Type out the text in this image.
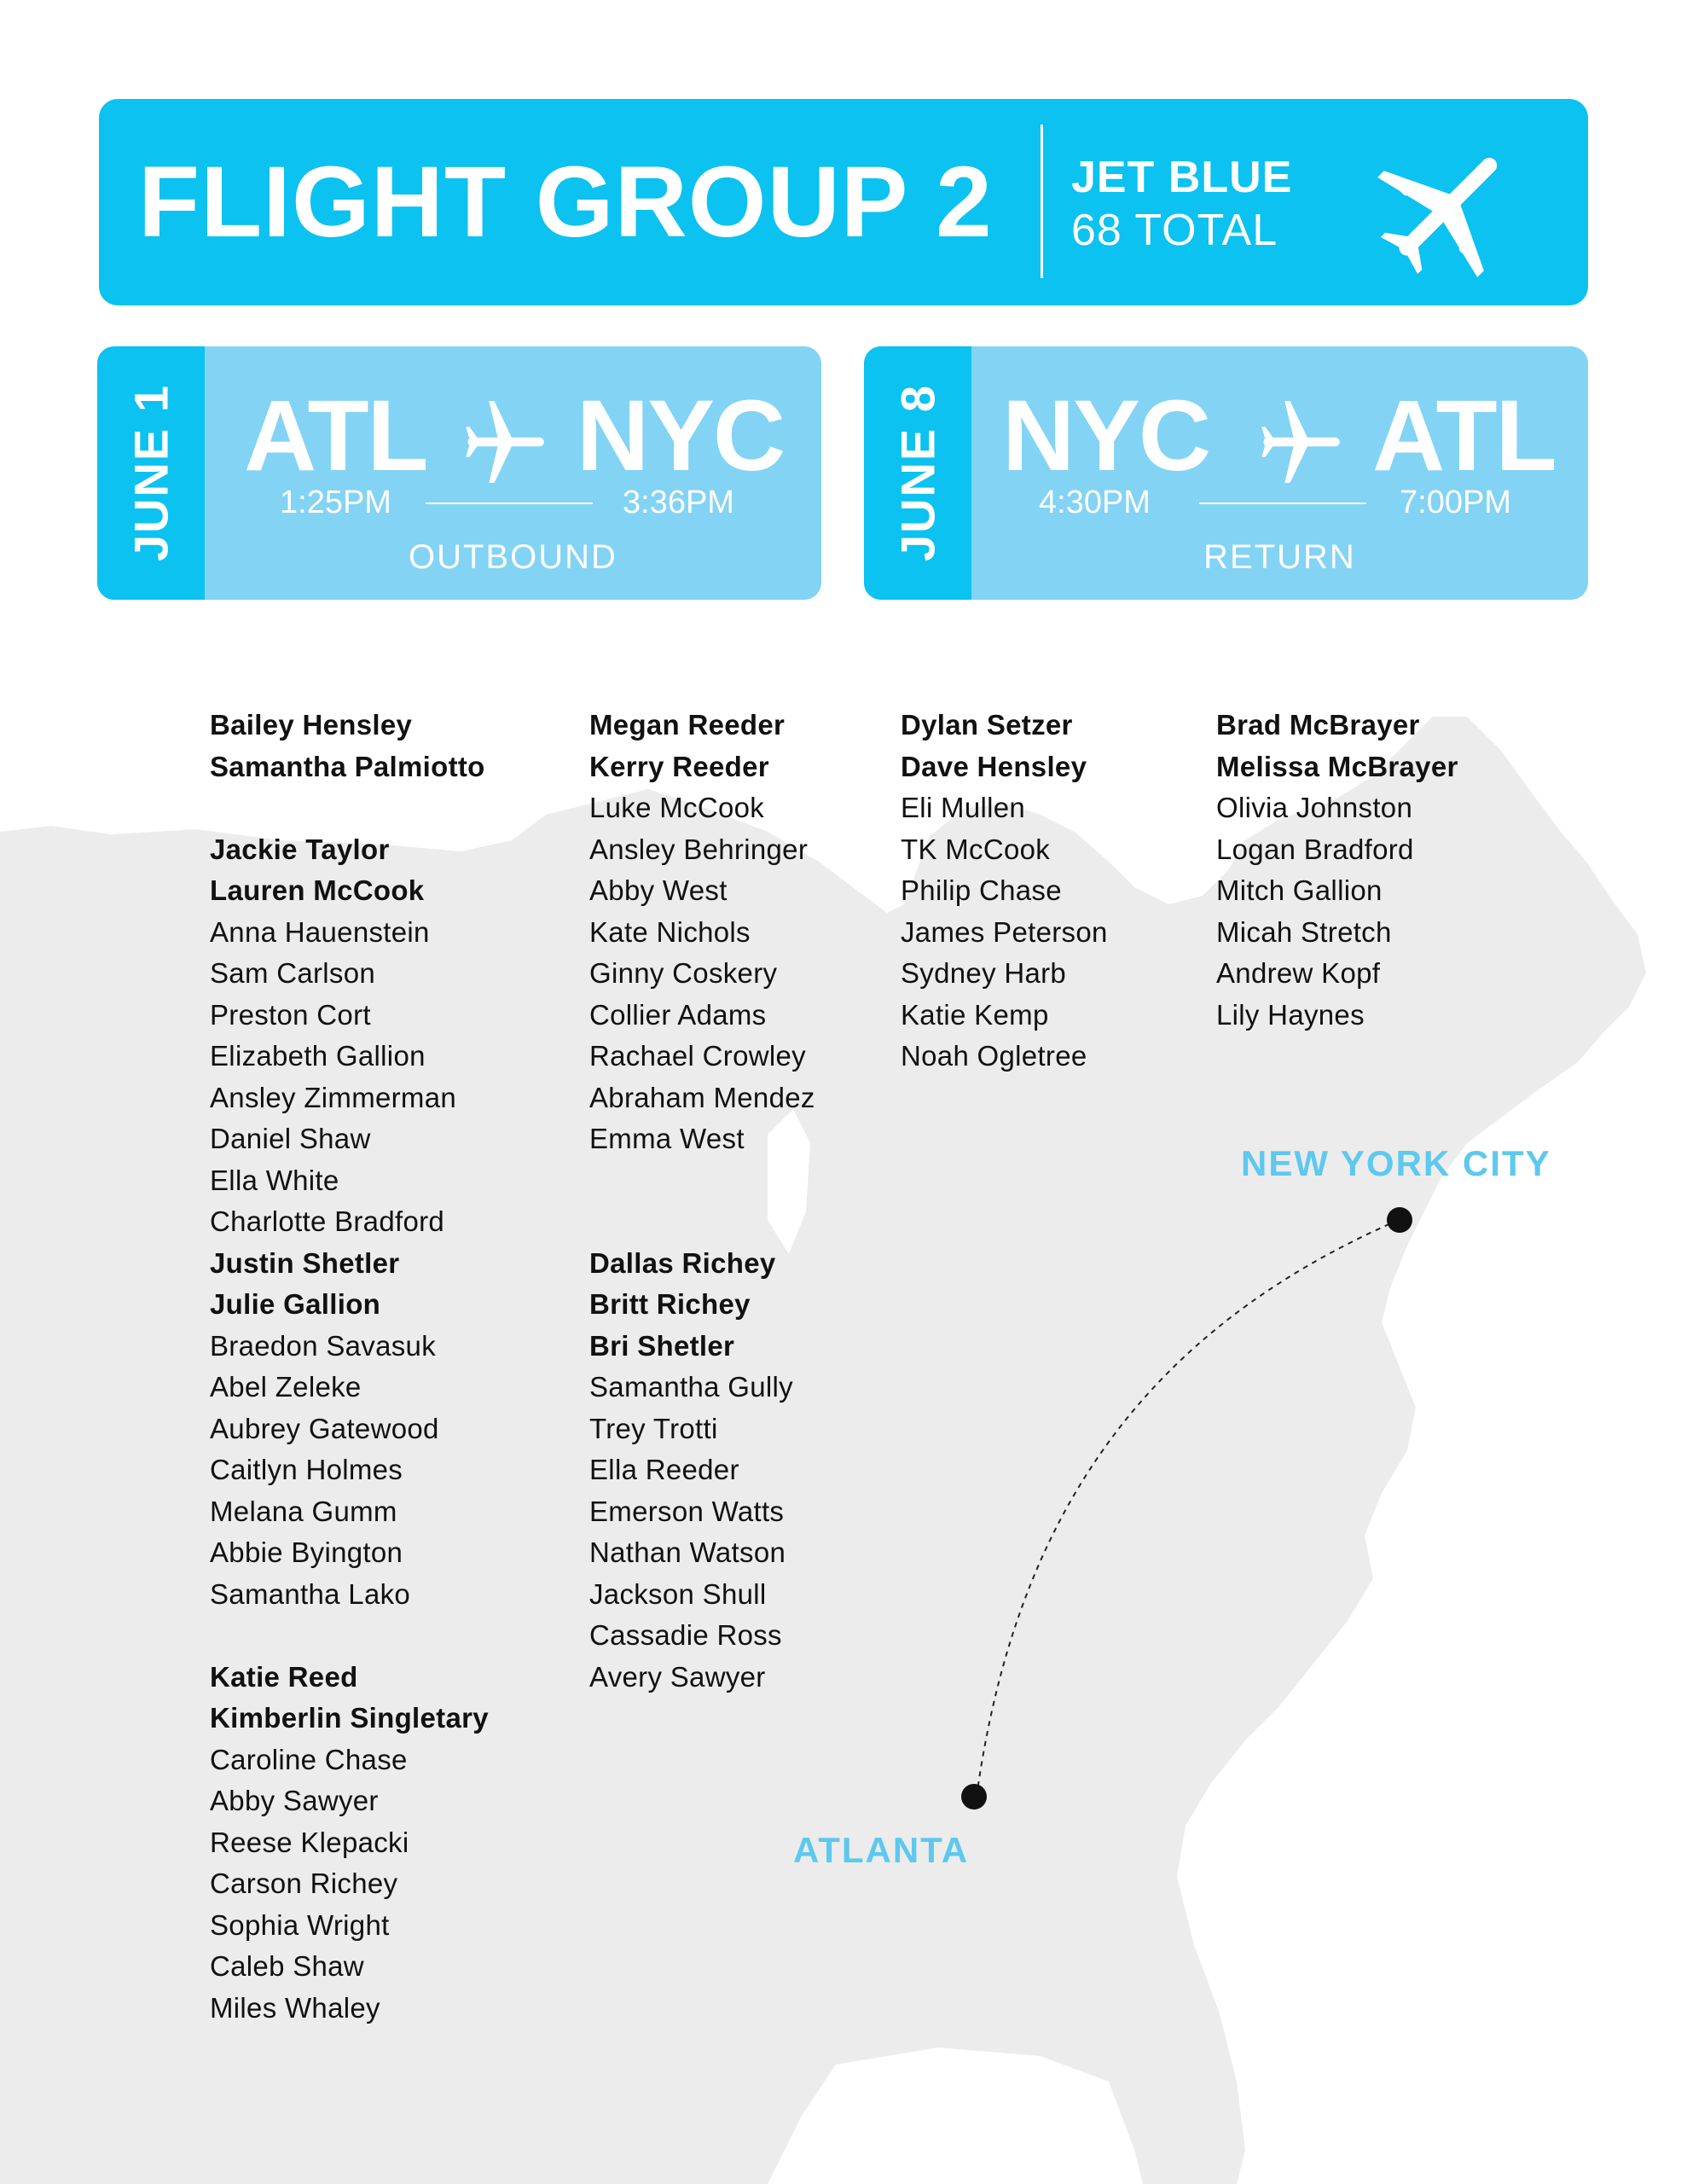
FLIGHT GROUP 2	JET BLUE
68 TOTAL
JUNE 1 ATL NYC
1:25PM	3:36PM
OUTBOUND	JUNE 8 NYC ATL
4:30PM	7:00PM
RETURN

Bailey Hensley

Samantha Palmiotto

Jackie Taylor

Lauren McCook

Anna Hauenstein

Sam Carlson

Preston Cort

Elizabeth Gallion

Ansley Zimmerman

Daniel Shaw

Ella White

Charlotte Bradford

Justin Shetler

Julie Gallion

Braedon Savasuk

Abel Zeleke

Aubrey Gatewood

Caitlyn Holmes

Melana Gumm

Abbie Byington

Samantha Lako

Katie Reed

Kimberlin Singletary

Caroline Chase

Abby Sawyer

Reese Klepacki

Carson Richey

Sophia Wright

Caleb Shaw

Miles Whaley

Megan Reeder

Kerry Reeder

Luke McCook

Ansley Behringer

Abby West

Kate Nichols

Ginny Coskery

Collier Adams

Rachael Crowley

Abraham Mendez

Emma West

Dallas Richey

Britt Richey

Bri Shetler

Samantha Gully

Trey Trotti

Ella Reeder

Emerson Watts

Nathan Watson

Jackson Shull

Cassadie Ross

Avery Sawyer

Dylan Setzer

Dave Hensley

Eli Mullen

TK McCook

Philip Chase

James Peterson

Sydney Harb

Katie Kemp

Noah Ogletree

Brad McBrayer

Melissa McBrayer

Olivia Johnston

Logan Bradford

Mitch Gallion

Micah Stretch

Andrew Kopf

Lily Haynes

NEW YORK CITY
ATLANTA
